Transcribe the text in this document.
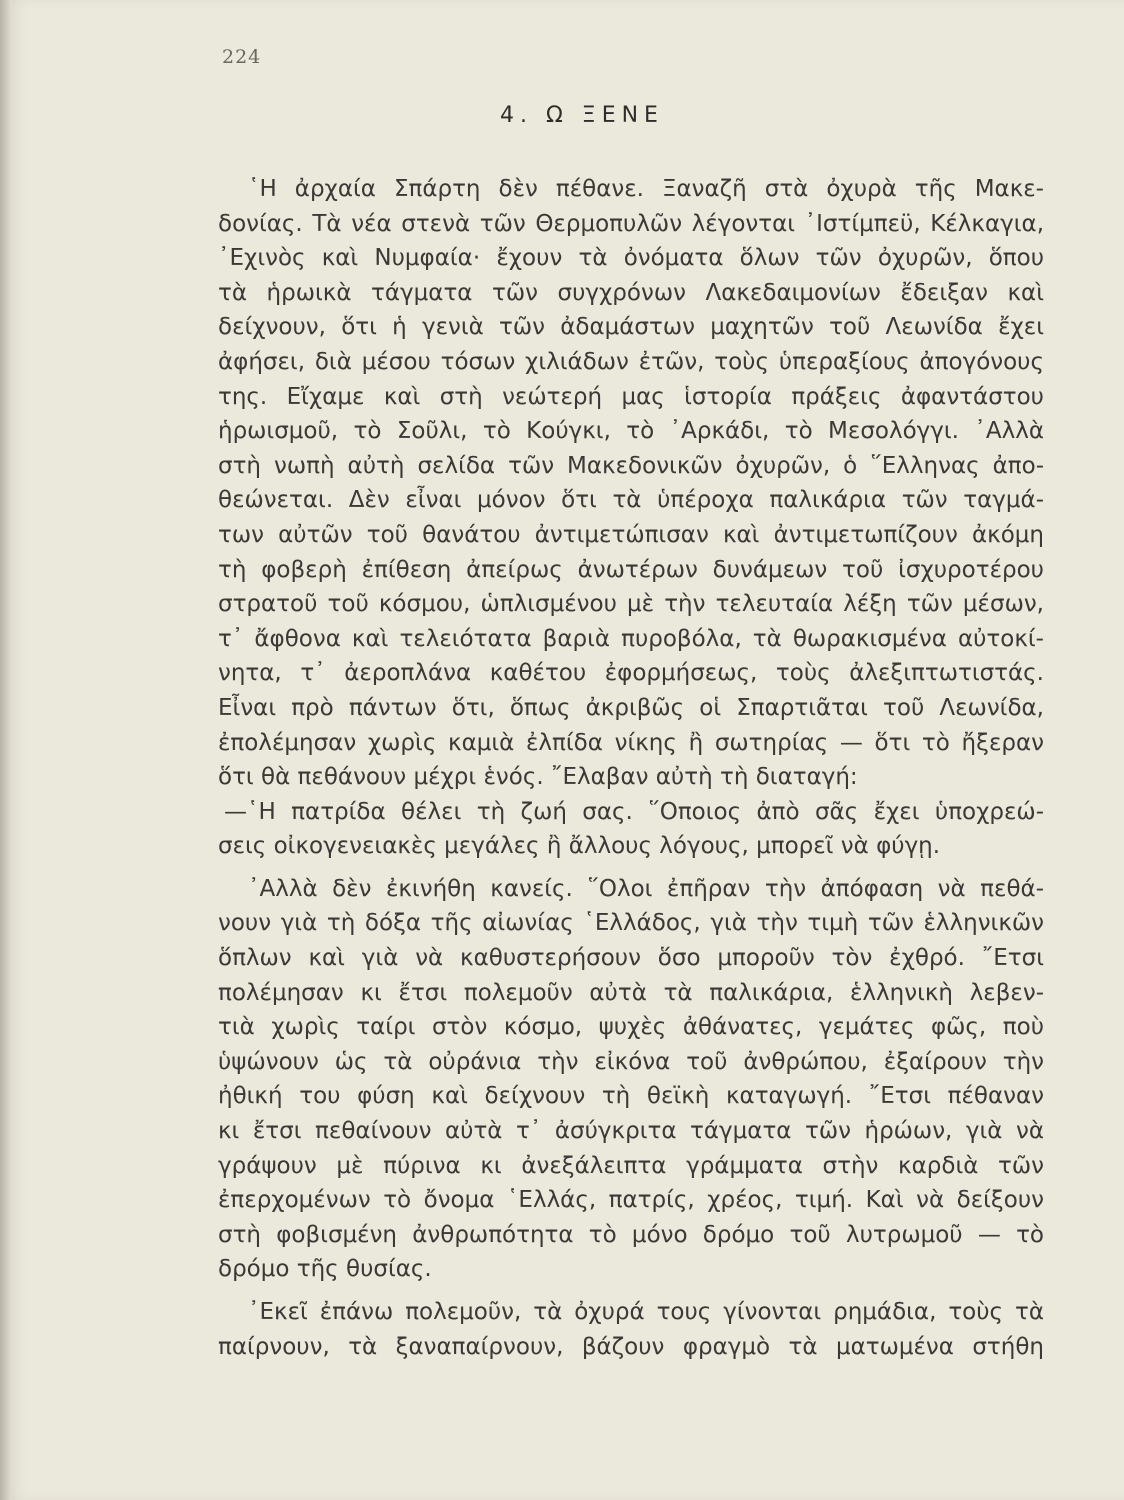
224
4. Ω ΞΕΝΕ
῾Η ἀρχαία Σπάρτη δὲν πέθανε. Ξαναζῆ στὰ ὀχυρὰ τῆς Μακε-
δονίας. Τὰ νέα στενὰ τῶν Θερμοπυλῶν λέγονται ᾿Ιστίμπεϋ, Κέλκαγια,
᾿Εχινὸς καὶ Νυμφαία· ἔχουν τὰ ὀνόματα ὅλων τῶν ὀχυρῶν, ὅπου
τὰ ἡρωικὰ τάγματα τῶν συγχρόνων Λακεδαιμονίων ἔδειξαν καὶ
δείχνουν, ὅτι ἡ γενιὰ τῶν ἀδαμάστων μαχητῶν τοῦ Λεωνίδα ἔχει
ἀφήσει, διὰ μέσου τόσων χιλιάδων ἐτῶν, τοὺς ὑπεραξίους ἀπογόνους
της. Εἴχαμε καὶ στὴ νεώτερή μας ἱστορία πράξεις ἀφαντάστου
ἡρωισμοῦ, τὸ Σοῦλι, τὸ Κούγκι, τὸ ᾿Αρκάδι, τὸ Μεσολόγγι. ᾿Αλλὰ
στὴ νωπὴ αὐτὴ σελίδα τῶν Μακεδονικῶν ὀχυρῶν, ὁ ῞Ελληνας ἀπο-
θεώνεται. Δὲν εἶναι μόνον ὅτι τὰ ὑπέροχα παλικάρια τῶν ταγμά-
των αὐτῶν τοῦ θανάτου ἀντιμετώπισαν καὶ ἀντιμετωπίζουν ἀκόμη
τὴ φοβερὴ ἐπίθεση ἀπείρως ἀνωτέρων δυνάμεων τοῦ ἰσχυροτέρου
στρατοῦ τοῦ κόσμου, ὡπλισμένου μὲ τὴν τελευταία λέξη τῶν μέσων,
τ᾿ ἄφθονα καὶ τελειότατα βαριὰ πυροβόλα, τὰ θωρακισμένα αὐτοκί-
νητα, τ᾿ ἀεροπλάνα καθέτου ἐφορμήσεως, τοὺς ἀλεξιπτωτιστάς.
Εἶναι πρὸ πάντων ὅτι, ὅπως ἀκριβῶς οἱ Σπαρτιᾶται τοῦ Λεωνίδα,
ἐπολέμησαν χωρὶς καμιὰ ἐλπίδα νίκης ἢ σωτηρίας — ὅτι τὸ ἤξεραν
ὅτι θὰ πεθάνουν μέχρι ἑνός. ῎Ελαβαν αὐτὴ τὴ διαταγή:
—῾Η πατρίδα θέλει τὴ ζωή σας. ῞Οποιος ἀπὸ σᾶς ἔχει ὑποχρεώ-
σεις οἰκογενειακὲς μεγάλες ἢ ἄλλους λόγους, μπορεῖ νὰ φύγῃ.
᾿Αλλὰ δὲν ἐκινήθη κανείς. ῞Ολοι ἐπῆραν τὴν ἀπόφαση νὰ πεθά-
νουν γιὰ τὴ δόξα τῆς αἰωνίας ῾Ελλάδος, γιὰ τὴν τιμὴ τῶν ἑλληνικῶν
ὅπλων καὶ γιὰ νὰ καθυστερήσουν ὅσο μποροῦν τὸν ἐχθρό. ῎Ετσι
πολέμησαν κι ἔτσι πολεμοῦν αὐτὰ τὰ παλικάρια, ἑλληνικὴ λεβεν-
τιὰ χωρὶς ταίρι στὸν κόσμο, ψυχὲς ἀθάνατες, γεμάτες φῶς, ποὺ
ὑψώνουν ὡς τὰ οὐράνια τὴν εἰκόνα τοῦ ἀνθρώπου, ἐξαίρουν τὴν
ἠθική του φύση καὶ δείχνουν τὴ θεϊκὴ καταγωγή. ῎Ετσι πέθαναν
κι ἔτσι πεθαίνουν αὐτὰ τ᾿ ἀσύγκριτα τάγματα τῶν ἡρώων, γιὰ νὰ
γράψουν μὲ πύρινα κι ἀνεξάλειπτα γράμματα στὴν καρδιὰ τῶν
ἐπερχομένων τὸ ὄνομα ῾Ελλάς, πατρίς, χρέος, τιμή. Καὶ νὰ δείξουν
στὴ φοβισμένη ἀνθρωπότητα τὸ μόνο δρόμο τοῦ λυτρωμοῦ — τὸ
δρόμο τῆς θυσίας.
᾿Εκεῖ ἐπάνω πολεμοῦν, τὰ ὀχυρά τους γίνονται ρημάδια, τοὺς τὰ
παίρνουν, τὰ ξαναπαίρνουν, βάζουν φραγμὸ τὰ ματωμένα στήθη
